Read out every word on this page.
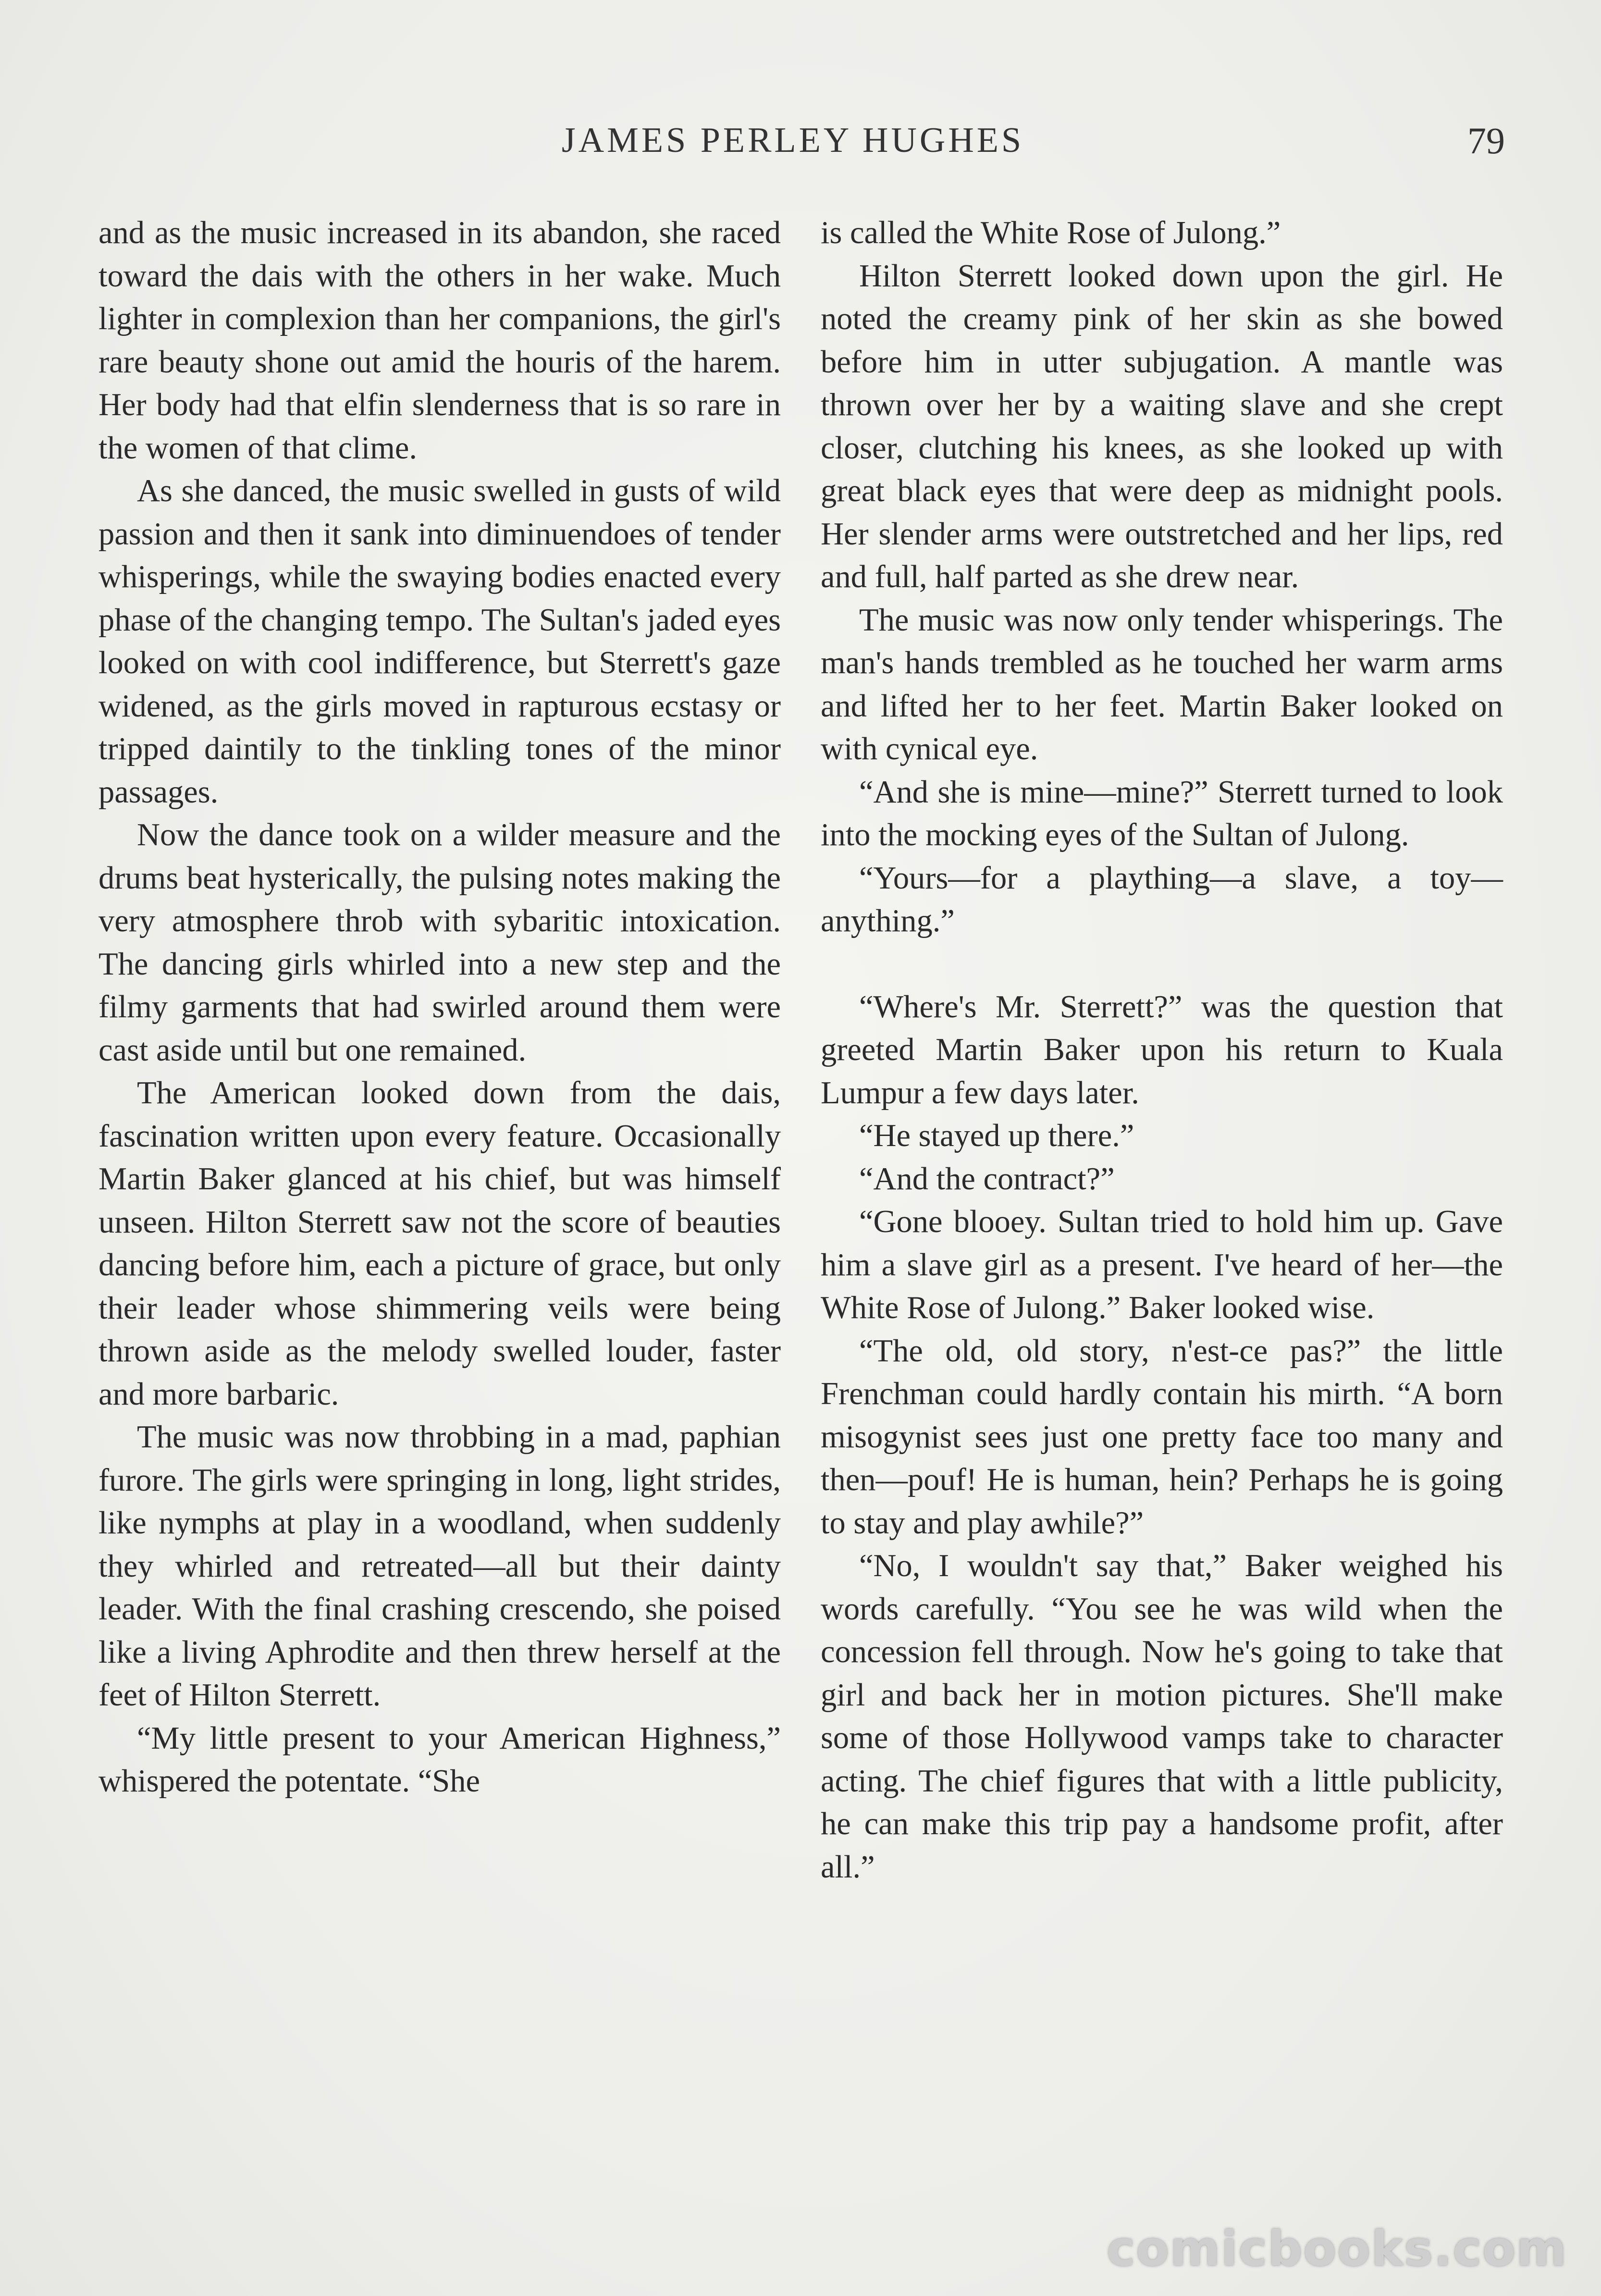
JAMES PERLEY HUGHES	79

and as the music increased in its abandon, she raced toward the dais with the others in her wake. Much lighter in complexion than her companions, the girl's rare beauty shone out amid the houris of the harem. Her body had that elfin slenderness that is so rare in the women of that clime.

As she danced, the music swelled in gusts of wild passion and then it sank into diminuendoes of tender whisperings, while the swaying bodies enacted every phase of the changing tempo. The Sultan's jaded eyes looked on with cool indifference, but Sterrett's gaze widened, as the girls moved in rapturous ecstasy or tripped daintily to the tinkling tones of the minor passages.

Now the dance took on a wilder measure and the drums beat hysterically, the pulsing notes making the very atmosphere throb with sybaritic intoxication. The dancing girls whirled into a new step and the filmy garments that had swirled around them were cast aside until but one remained.

The American looked down from the dais, fascination written upon every feature. Occasionally Martin Baker glanced at his chief, but was himself unseen. Hilton Sterrett saw not the score of beauties dancing before him, each a picture of grace, but only their leader whose shimmering veils were being thrown aside as the melody swelled louder, faster and more barbaric.

The music was now throbbing in a mad, paphian furore. The girls were springing in long, light strides, like nymphs at play in a woodland, when suddenly they whirled and retreated—all but their dainty leader. With the final crashing crescendo, she poised like a living Aphrodite and then threw herself at the feet of Hilton Sterrett.

“My little present to your American Highness,” whispered the potentate. “She

is called the White Rose of Julong.”

Hilton Sterrett looked down upon the girl. He noted the creamy pink of her skin as she bowed before him in utter subjugation. A mantle was thrown over her by a waiting slave and she crept closer, clutching his knees, as she looked up with great black eyes that were deep as midnight pools. Her slender arms were outstretched and her lips, red and full, half parted as she drew near.

The music was now only tender whisperings. The man's hands trembled as he touched her warm arms and lifted her to her feet. Martin Baker looked on with cynical eye.

“And she is mine—mine?” Sterrett turned to look into the mocking eyes of the Sultan of Julong.

“Yours—for a plaything—a slave, a toy—anything.”

“Where's Mr. Sterrett?” was the question that greeted Martin Baker upon his return to Kuala Lumpur a few days later.

“He stayed up there.”

“And the contract?”

“Gone blooey. Sultan tried to hold him up. Gave him a slave girl as a present. I've heard of her—the White Rose of Julong.” Baker looked wise.

“The old, old story, n'est-ce pas?” the little Frenchman could hardly contain his mirth. “A born misogynist sees just one pretty face too many and then—pouf! He is human, hein? Perhaps he is going to stay and play awhile?”

“No, I wouldn't say that,” Baker weighed his words carefully. “You see he was wild when the concession fell through. Now he's going to take that girl and back her in motion pictures. She'll make some of those Hollywood vamps take to character acting. The chief figures that with a little publicity, he can make this trip pay a handsome profit, after all.”

comicbooks.com
